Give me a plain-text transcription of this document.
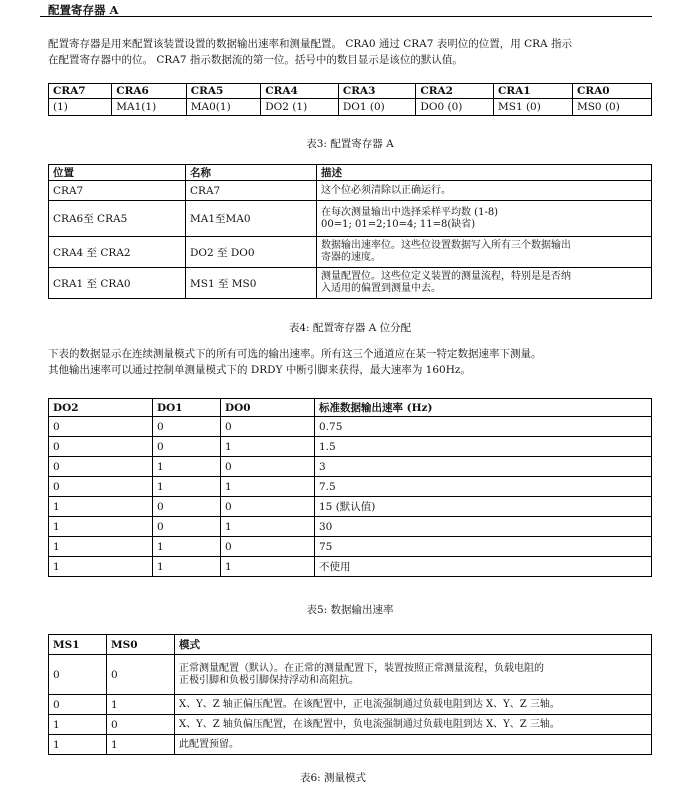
配置寄存器 A
配置寄存器是用来配置该装置设置的数据输出速率和测量配置。 CRA0 通过 CRA7 表明位的位置，用 CRA 指示
在配置寄存器中的位。 CRA7 指示数据流的第一位。括号中的数目显示是该位的默认值。
CRA7	CRA6	CRA5	CRA4	CRA3	CRA2	CRA1	CRA0
(1)	MA1(1)	MA0(1)	DO2 (1)	DO1 (0)	DO0 (0)	MS1 (0)	MS0 (0)
表3: 配置寄存器 A
位置	名称	描述
CRA7	CRA7	这个位必须清除以正确运行。

CRA6至 CRA5	MA1至MA0	在每次测量输出中选择采样平均数 (1-8)
00=1; 01=2;10=4; 11=8(缺省)

CRA4 至 CRA2	DO2 至 DO0	数据输出速率位。这些位设置数据写入所有三个数据输出
寄器的速度。

CRA1 至 CRA0	MS1 至 MS0	测量配置位。这些位定义装置的测量流程，特别是是否纳
入适用的偏置到测量中去。
表4: 配置寄存器 A 位分配
下表的数据显示在连续测量模式下的所有可选的输出速率。所有这三个通道应在某一特定数据速率下测量。
其他输出速率可以通过控制单测量模式下的 DRDY 中断引脚来获得，最大速率为 160Hz。
DO2	DO1	DO0	标准数据输出速率 (Hz)
0	0	0	0.75
0	0	1	1.5
0	1	0	3
0	1	1	7.5
1	0	0	15 (默认值)
1	0	1	30
1	1	0	75
1	1	1	不使用
表5: 数据输出速率
MS1	MS0	模式
0	0	正常测量配置（默认）。在正常的测量配置下，装置按照正常测量流程，负载电阻的
正极引脚和负极引脚保持浮动和高阻抗。

0	1	X、Y、Z 轴正偏压配置。在该配置中，正电流强制通过负载电阻到达 X、Y、Z 三轴。
1	0	X、Y、Z 轴负偏压配置，在该配置中，负电流强制通过负载电阻到达 X、Y、Z 三轴。
1	1	此配置预留。
表6: 测量模式
